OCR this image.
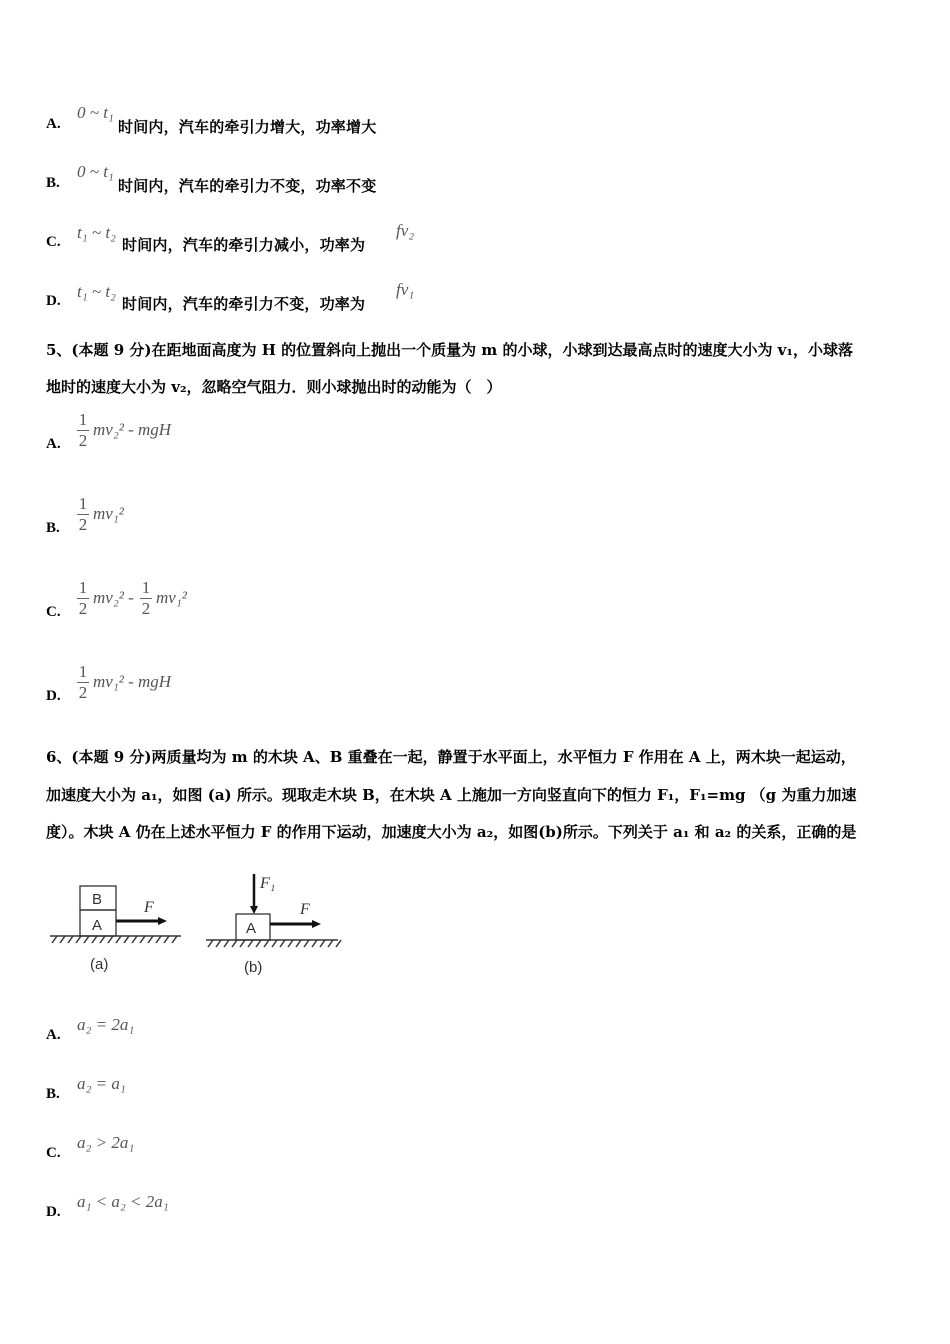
A.
0 ~ t₁
时间内，汽车的牵引力增大，功率增大
B.
0 ~ t₁
时间内，汽车的牵引力不变，功率不变
C. t₁ ~ t₂
时间内，汽车的牵引力减小，功率为
fv₂
D. t₁ ~ t₂
时间内，汽车的牵引力不变，功率为
fv₁
5、(本题 9 分)在距地面高度为 H 的位置斜向上抛出一个质量为 m 的小球，小球到达最高点时的速度大小为 v₁，小球落
地时的速度大小为 v₂，忽略空气阻力．则小球抛出时的动能为（　）
A. $\frac{1}{2} mv_2^2$ - mgH
B. $\frac{1}{2} mv_1^2$
C. $\frac{1}{2} mv_2^2 - \frac{1}{2} mv_1^2$
D. $\frac{1}{2} mv_1^2$ - mgH
6、(本题 9 分)两质量均为 m 的木块 A、B 重叠在一起，静置于水平面上，水平恒力 F 作用在 A 上，两木块一起运动，
加速度大小为 a₁，如图 (a) 所示。现取走木块 B，在木块 A 上施加一方向竖直向下的恒力 F₁，F₁=mg （g 为重力加速
度）。木块 A 仍在上述水平恒力 F 的作用下运动，加速度大小为 a₂，如图(b)所示。下列关于 a₁ 和 a₂ 的关系，正确的是
B
A
F
(a)
A
F₁
F
(b)
A.
a₂ = 2a₁
B.
a₂ = a₁
C.
a₂ > 2a₁
D.
a₁ < a₂ < 2a₁
